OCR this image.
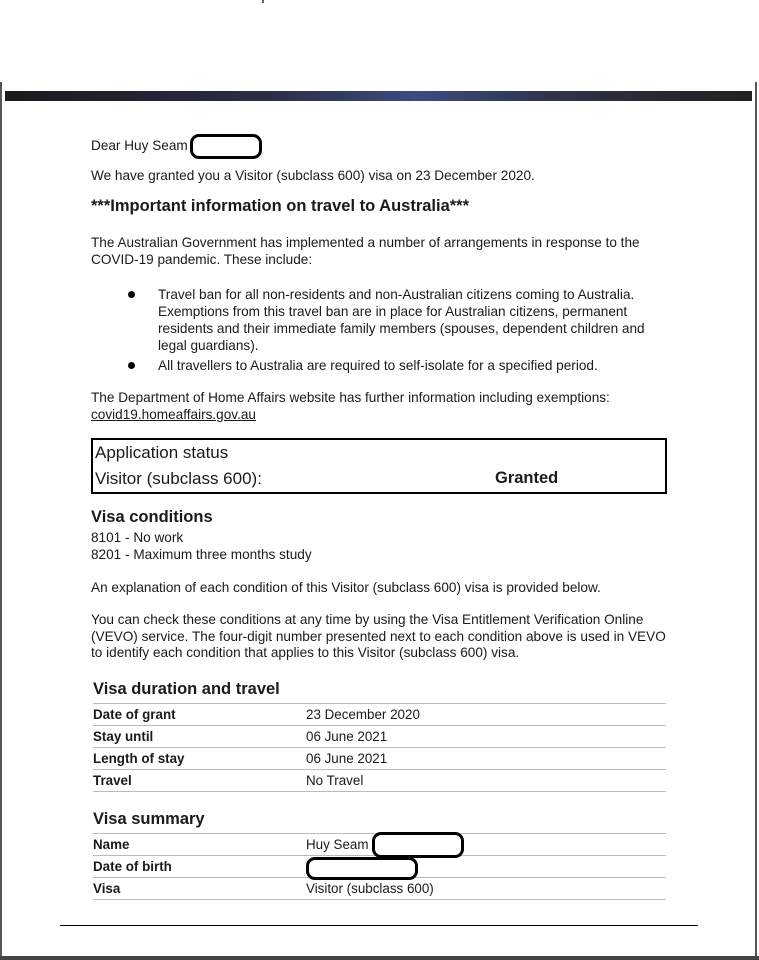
Dear Huy Seam
We have granted you a Visitor (subclass 600) visa on 23 December 2020.
***Important information on travel to Australia***
The Australian Government has implemented a number of arrangements in response to the COVID-19 pandemic. These include:
Travel ban for all non-residents and non-Australian citizens coming to Australia. Exemptions from this travel ban are in place for Australian citizens, permanent residents and their immediate family members (spouses, dependent children and legal guardians).
All travellers to Australia are required to self-isolate for a specified period.
The Department of Home Affairs website has further information including exemptions:
covid19.homeaffairs.gov.au
Application status
Visitor (subclass 600):	Granted
Visa conditions
8101 - No work
8201 - Maximum three months study
An explanation of each condition of this Visitor (subclass 600) visa is provided below.
You can check these conditions at any time by using the Visa Entitlement Verification Online (VEVO) service. The four-digit number presented next to each condition above is used in VEVO to identify each condition that applies to this Visitor (subclass 600) visa.
Visa duration and travel
Date of grant	23 December 2020
Stay until	06 June 2021
Length of stay	06 June 2021
Travel	No Travel
Visa summary
Name	Huy Seam

Date of birth	

Visa	Visitor (subclass 600)
